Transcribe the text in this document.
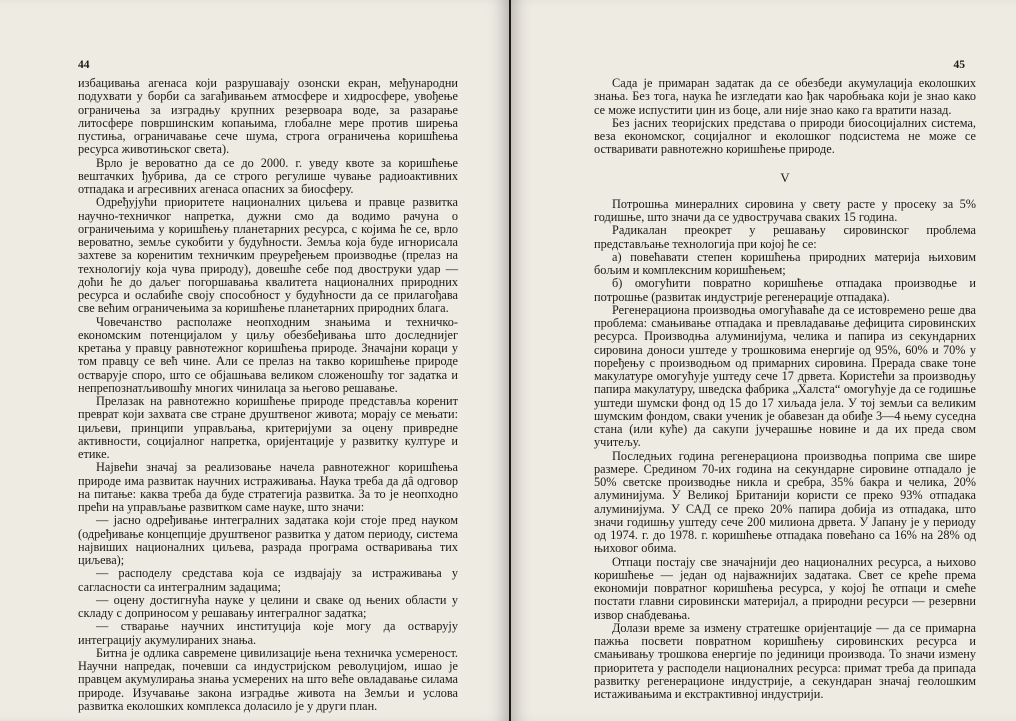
44

избацивања агенаса који разрушавају озонски екран, међународни подухвати у борби са загађивањем атмосфере и хидросфере, увођење ограничења за изградњу крупних резервоара воде, за разарање литосфере површинским копањима, глобалне мере против ширења пустиња, ограничавање сече шума, строга ограничења коришћења ресурса животињског света).

Врло је вероватно да се до 2000. г. уведу квоте за коришћење вештачких ђубрива, да се строго регулише чување радиоактивних отпадака и агресивних агенаса опасних за биосферу.

Одређујући приоритете националних циљева и правце развитка научно-техничког напретка, дужни смо да водимо рачуна о ограничењима у коришћењу планетарних ресурса, с којима ће се, врло вероватно, земље сукобити у будућности. Земља која буде игнорисала захтеве за коренитим техничким преуређењем производње (прелаз на технологију која чува природу), довешће себе под двоструки удар — доћи ће до даљег погоршавања квалитета националних природних ресурса и ослабиће своју способност у будућности да се прилагођава све већим ограничењима за коришћење планетарних природних блага.

Човечанство располаже неопходним знањима и техничко-економским потенцијалом у циљу обезбеђивања што доследнијег кретања у правцу равнотежног коришћења природе. Значајни кораци у том правцу се већ чине. Али се прелаз на такво коришћење природе остварује споро, што се објашњава великом сложеношћу тог задатка и непрепознатљивошћу многих чинилаца за његово решавање.

Прелазак на равнотежно коришћење природе представља коренит преврат који захвата све стране друштвеног живота; морају се мењати: циљеви, принципи управљања, критеријуми за оцену привредне активности, социјалног напретка, оријентације у развитку културе и етике.

Највећи значај за реализовање начела равнотежног коришћења природе има развитак научних истраживања. Наука треба да дâ одговор на питање: каква треба да буде стратегија развитка. За то је неопходно прећи на управљање развитком саме науке, што значи:

— јасно одређивање интегралних задатака који стоје пред науком (одређивање концепције друштвеног развитка у датом периоду, система највиших националних циљева, разрада програма остваривања тих циљева);

— расподелу средстава која се издвајају за истраживања у сагласности са интегралним задацима;

— оцену достигнућа науке у целини и сваке од њених области у складу с доприносом у решавању интегралног задатка;

— стварање научних институција које могу да остварују интеграцију акумулираних знања.

Битна је одлика савремене цивилизације њена техничка усмереност. Научни напредак, почевши са индустријском револуцијом, ишао је правцем акумулирања знања усмерених на што веће овладавање силама природе. Изучавање закона изградње живота на Земљи и услова развитка еколошких комплекса доласило је у други план.

45

Сада је примаран задатак да се обезбеди акумулација еколошких знања. Без тога, наука ће изгледати као ђак чаробњака који је знао како се може испустити џин из боце, али није знао како га вратити назад.

Без јасних теоријских представа о природи биосоцијалних система, веза економског, социјалног и еколошког подсистема не може се остваривати равнотежно коришћење природе.

V

Потрошња минералних сировина у свету расте у просеку за 5% годишње, што значи да се удвостручава сваких 15 година.

Радикалан преокрет у решавању сировинског проблема представљање технологија при којој ће се:

а) повећавати степен коришћења природних материја њиховим бољим и комплексним коришћењем;

б) омогућити повратно коришћење отпадака производње и потрошње (развитак индустрије регенерације отпадака).

Регенерациона производња омогућаваће да се истовремено реше два проблема: смањивање отпадака и превладавање дефицита сировинских ресурса. Производња алуминијума, челика и папира из секундарних сировина доноси уштеде у трошковима енергије од 95%, 60% и 70% у поређењу с производњом од примарних сировина. Прерада сваке тоне макулатуре омогућује уштеду сече 17 дрвета. Користећи за производњу папира макулатуру, шведска фабрика „Халста“ омогућује да се годишње уштеди шумски фонд од 15 до 17 хиљада јела. У тој земљи са великим шумским фондом, сваки ученик је обавезан да обиђе 3—4 њему суседна стана (или куће) да сакупи јучерашње новине и да их преда свом учитељу.

Последњих година регенерациона производња поприма све шире размере. Средином 70-их година на секундарне сировине отпадало је 50% светске производње никла и сребра, 35% бакра и челика, 20% алуминијума. У Великој Британији користи се преко 93% отпадака алуминијума. У САД се преко 20% папира добија из отпадака, што значи годишњу уштеду сече 200 милиона дрвета. У Јапану је у периоду од 1974. г. до 1978. г. коришћење отпадака повећано са 16% на 28% од њиховог обима.

Отпаци постају све значајнији део националних ресурса, а њихово коришћење — један од најважнијих задатака. Свет се креће према економији повратног коришћења ресурса, у којој ће отпаци и смеће постати главни сировински материјал, а природни ресурси — резервни извор снабдевања.

Долази време за измену стратешке оријентације — да се примарна пажња посвети повратном коришћењу сировинских ресурса и смањивању трошкова енергије по јединици производа. То значи измену приоритета у расподели националних ресурса: примат треба да припада развитку регенерационе индустрије, а секундаран значај геолошким истаживањима и екстрактивној индустрији.
